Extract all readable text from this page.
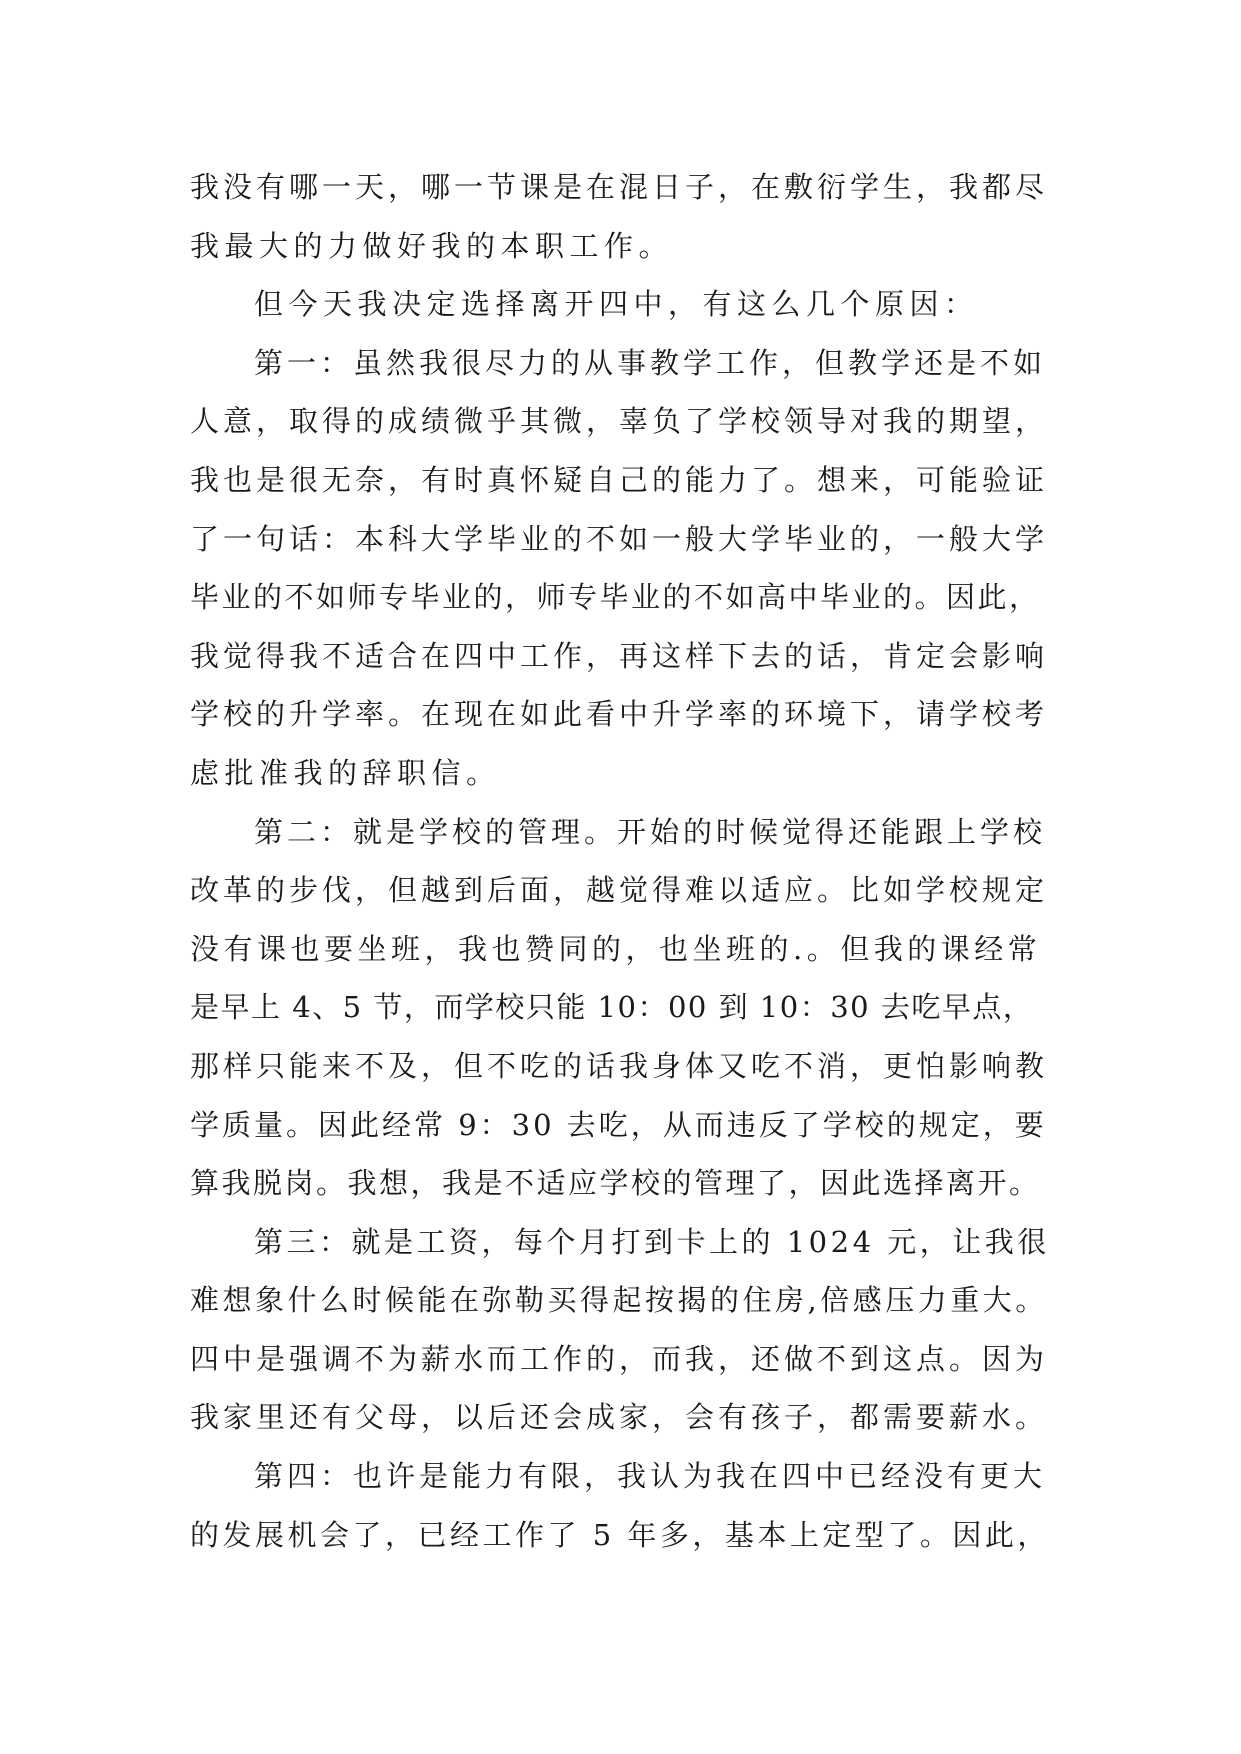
我没有哪一天，哪一节课是在混日子，在敷衍学生，我都尽
我最大的力做好我的本职工作。
但今天我决定选择离开四中，有这么几个原因：
第一：虽然我很尽力的从事教学工作，但教学还是不如
人意，取得的成绩微乎其微，辜负了学校领导对我的期望，
我也是很无奈，有时真怀疑自己的能力了。想来，可能验证
了一句话：本科大学毕业的不如一般大学毕业的，一般大学
毕业的不如师专毕业的，师专毕业的不如高中毕业的。因此，
我觉得我不适合在四中工作，再这样下去的话，肯定会影响
学校的升学率。在现在如此看中升学率的环境下，请学校考
虑批准我的辞职信。
第二：就是学校的管理。开始的时候觉得还能跟上学校
改革的步伐，但越到后面，越觉得难以适应。比如学校规定
没有课也要坐班，我也赞同的，也坐班的.。但我的课经常
是早上 4、5 节，而学校只能 10：00 到 10：30 去吃早点，
那样只能来不及，但不吃的话我身体又吃不消，更怕影响教
学质量。因此经常 9：30 去吃，从而违反了学校的规定，要
算我脱岗。我想，我是不适应学校的管理了，因此选择离开。
第三：就是工资，每个月打到卡上的 1024 元，让我很
难想象什么时候能在弥勒买得起按揭的住房,倍感压力重大。
四中是强调不为薪水而工作的，而我，还做不到这点。因为
我家里还有父母，以后还会成家，会有孩子，都需要薪水。
第四：也许是能力有限，我认为我在四中已经没有更大
的发展机会了，已经工作了 5 年多，基本上定型了。因此，
